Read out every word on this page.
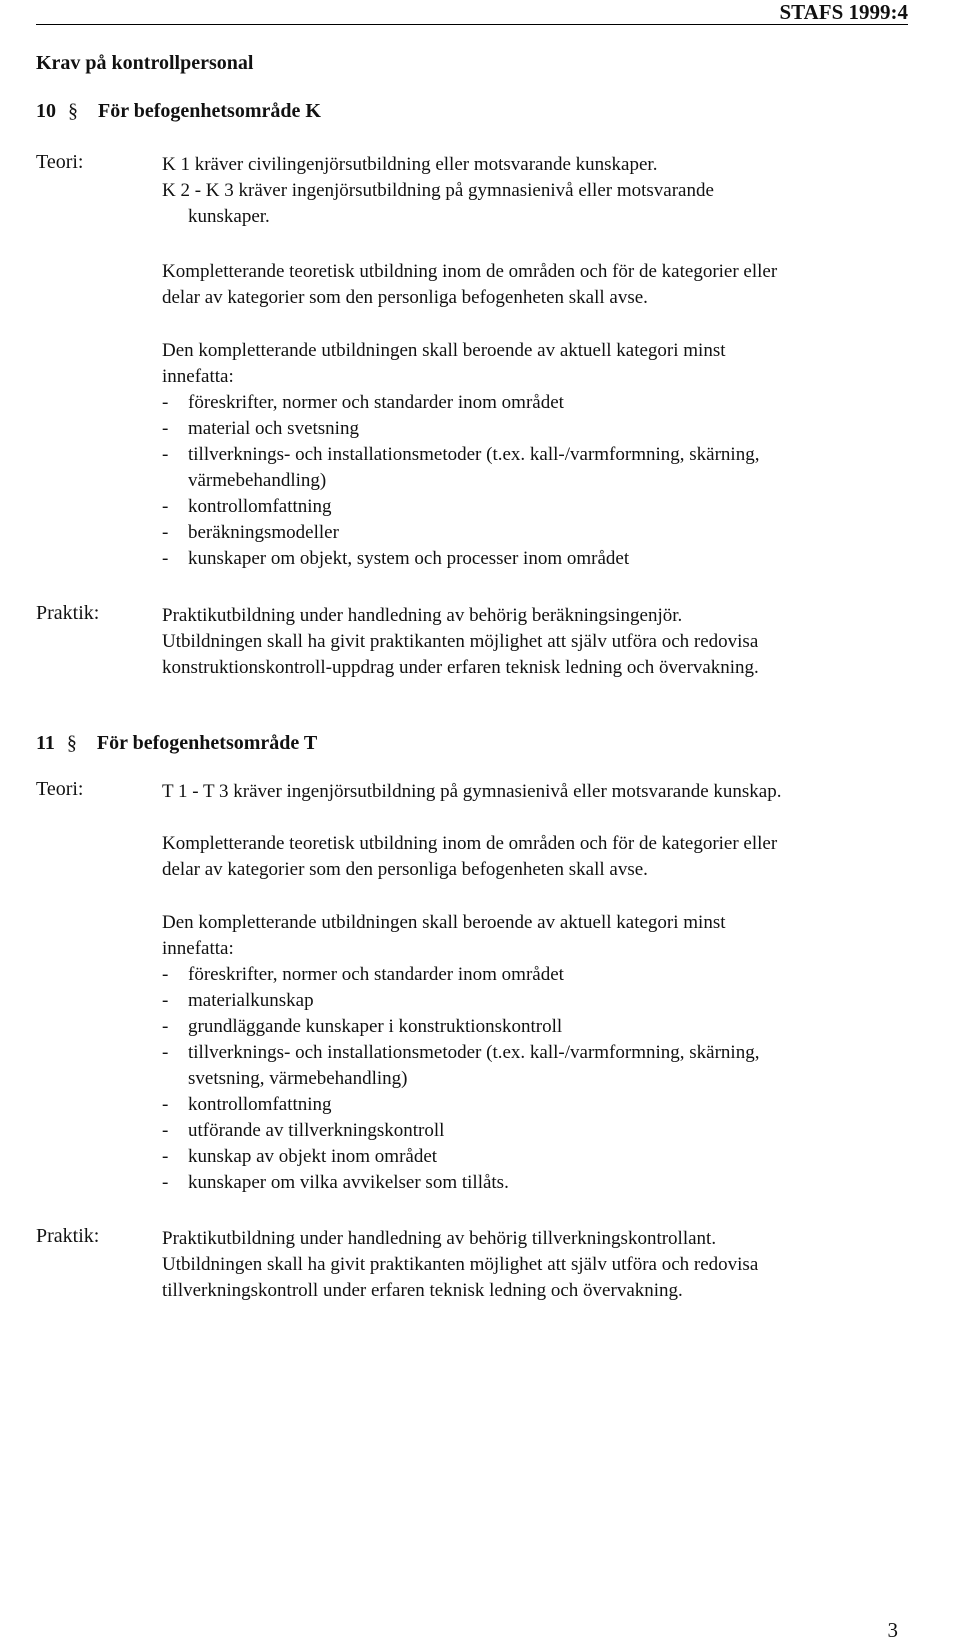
STAFS 1999:4
Krav på kontrollpersonal
10 § För befogenhetsområde K
Teori:	K 1 kräver civilingenjörsutbildning eller motsvarande kunskaper.
K 2 - K 3 kräver ingenjörsutbildning på gymnasienivå eller motsvarande
kunskaper.
Kompletterande teoretisk utbildning inom de områden och för de kategorier eller
delar av kategorier som den personliga befogenheten skall avse.
Den kompletterande utbildningen skall beroende av aktuell kategori minst
innefatta:
- föreskrifter, normer och standarder inom området
- material och svetsning
- tillverknings- och installationsmetoder (t.ex. kall-/varmformning, skärning,
värmebehandling)
- kontrollomfattning
- beräkningsmodeller
- kunskaper om objekt, system och processer inom området
Praktik:	Praktikutbildning under handledning av behörig beräkningsingenjör.
Utbildningen skall ha givit praktikanten möjlighet att själv utföra och redovisa
konstruktionskontroll-uppdrag under erfaren teknisk ledning och övervakning.
11 § För befogenhetsområde T
Teori:	T 1 - T 3 kräver ingenjörsutbildning på gymnasienivå eller motsvarande kunskap.
Kompletterande teoretisk utbildning inom de områden och för de kategorier eller
delar av kategorier som den personliga befogenheten skall avse.
Den kompletterande utbildningen skall beroende av aktuell kategori minst
innefatta:
- föreskrifter, normer och standarder inom området
- materialkunskap
- grundläggande kunskaper i konstruktionskontroll
- tillverknings- och installationsmetoder (t.ex. kall-/varmformning, skärning,
svetsning, värmebehandling)
- kontrollomfattning
- utförande av tillverkningskontroll
- kunskap av objekt inom området
- kunskaper om vilka avvikelser som tillåts.
Praktik:	Praktikutbildning under handledning av behörig tillverkningskontrollant.
Utbildningen skall ha givit praktikanten möjlighet att själv utföra och redovisa
tillverkningskontroll under erfaren teknisk ledning och övervakning.
3
